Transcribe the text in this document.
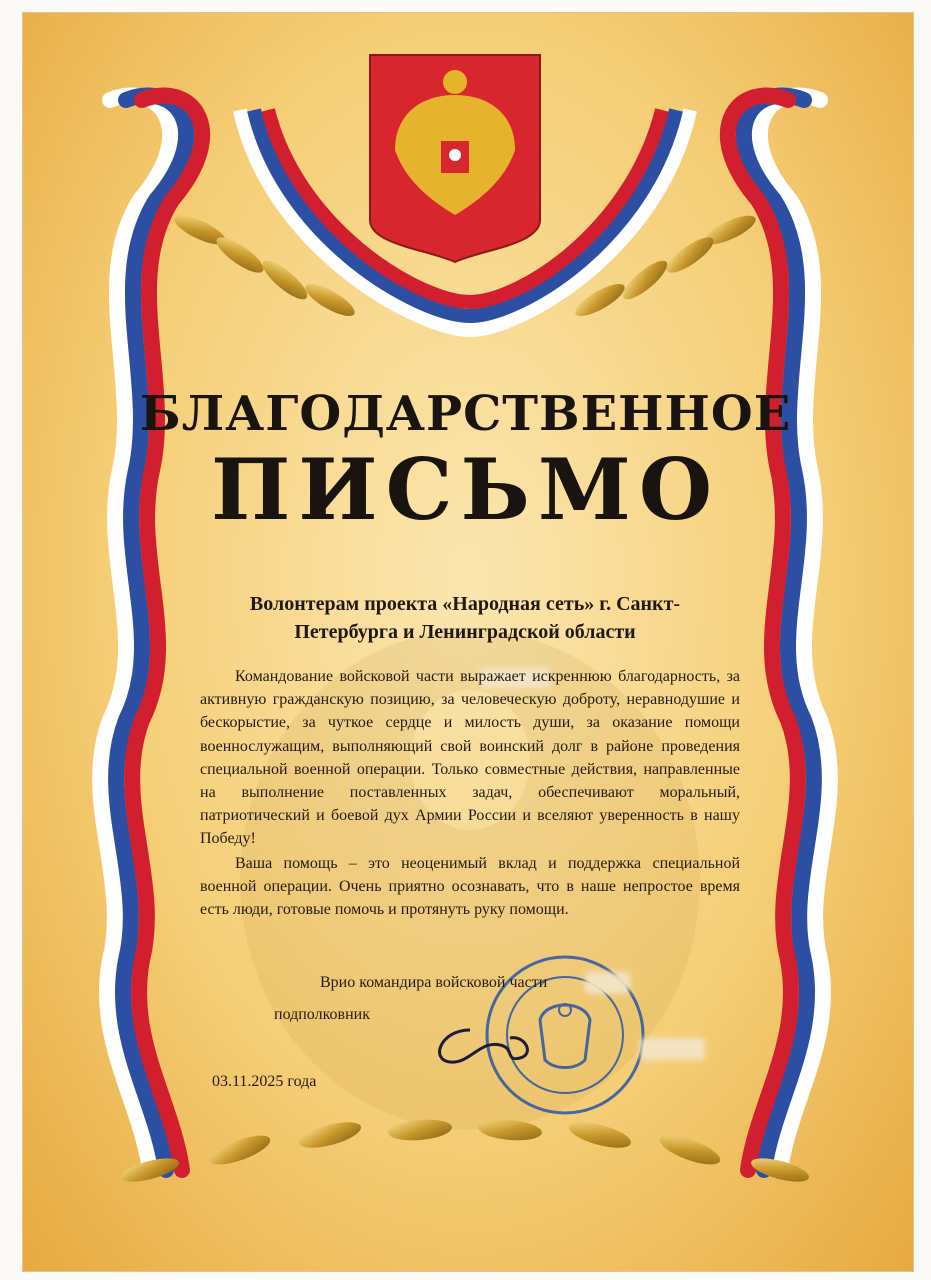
БЛАГОДАРСТВЕННОЕ
ПИСЬМО
Волонтерам проекта «Народная сеть» г. Санкт-Петербурга и Ленинградской области

Командование войсковой части выражает искреннюю благодарность, за активную гражданскую позицию, за человеческую доброту, неравнодушие и бескорыстие, за чуткое сердце и милость души, за оказание помощи военнослужащим, выполняющий свой воинский долг в районе проведения специальной военной операции. Только совместные действия, направленные на выполнение поставленных задач, обеспечивают моральный, патриотический и боевой дух Армии России и вселяют уверенность в нашу Победу!

Ваша помощь – это неоценимый вклад и поддержка специальной военной операции. Очень приятно осознавать, что в наше непростое время есть люди, готовые помочь и протянуть руку помощи.

Врио командира войсковой части

подполковник

03.11.2025 года
